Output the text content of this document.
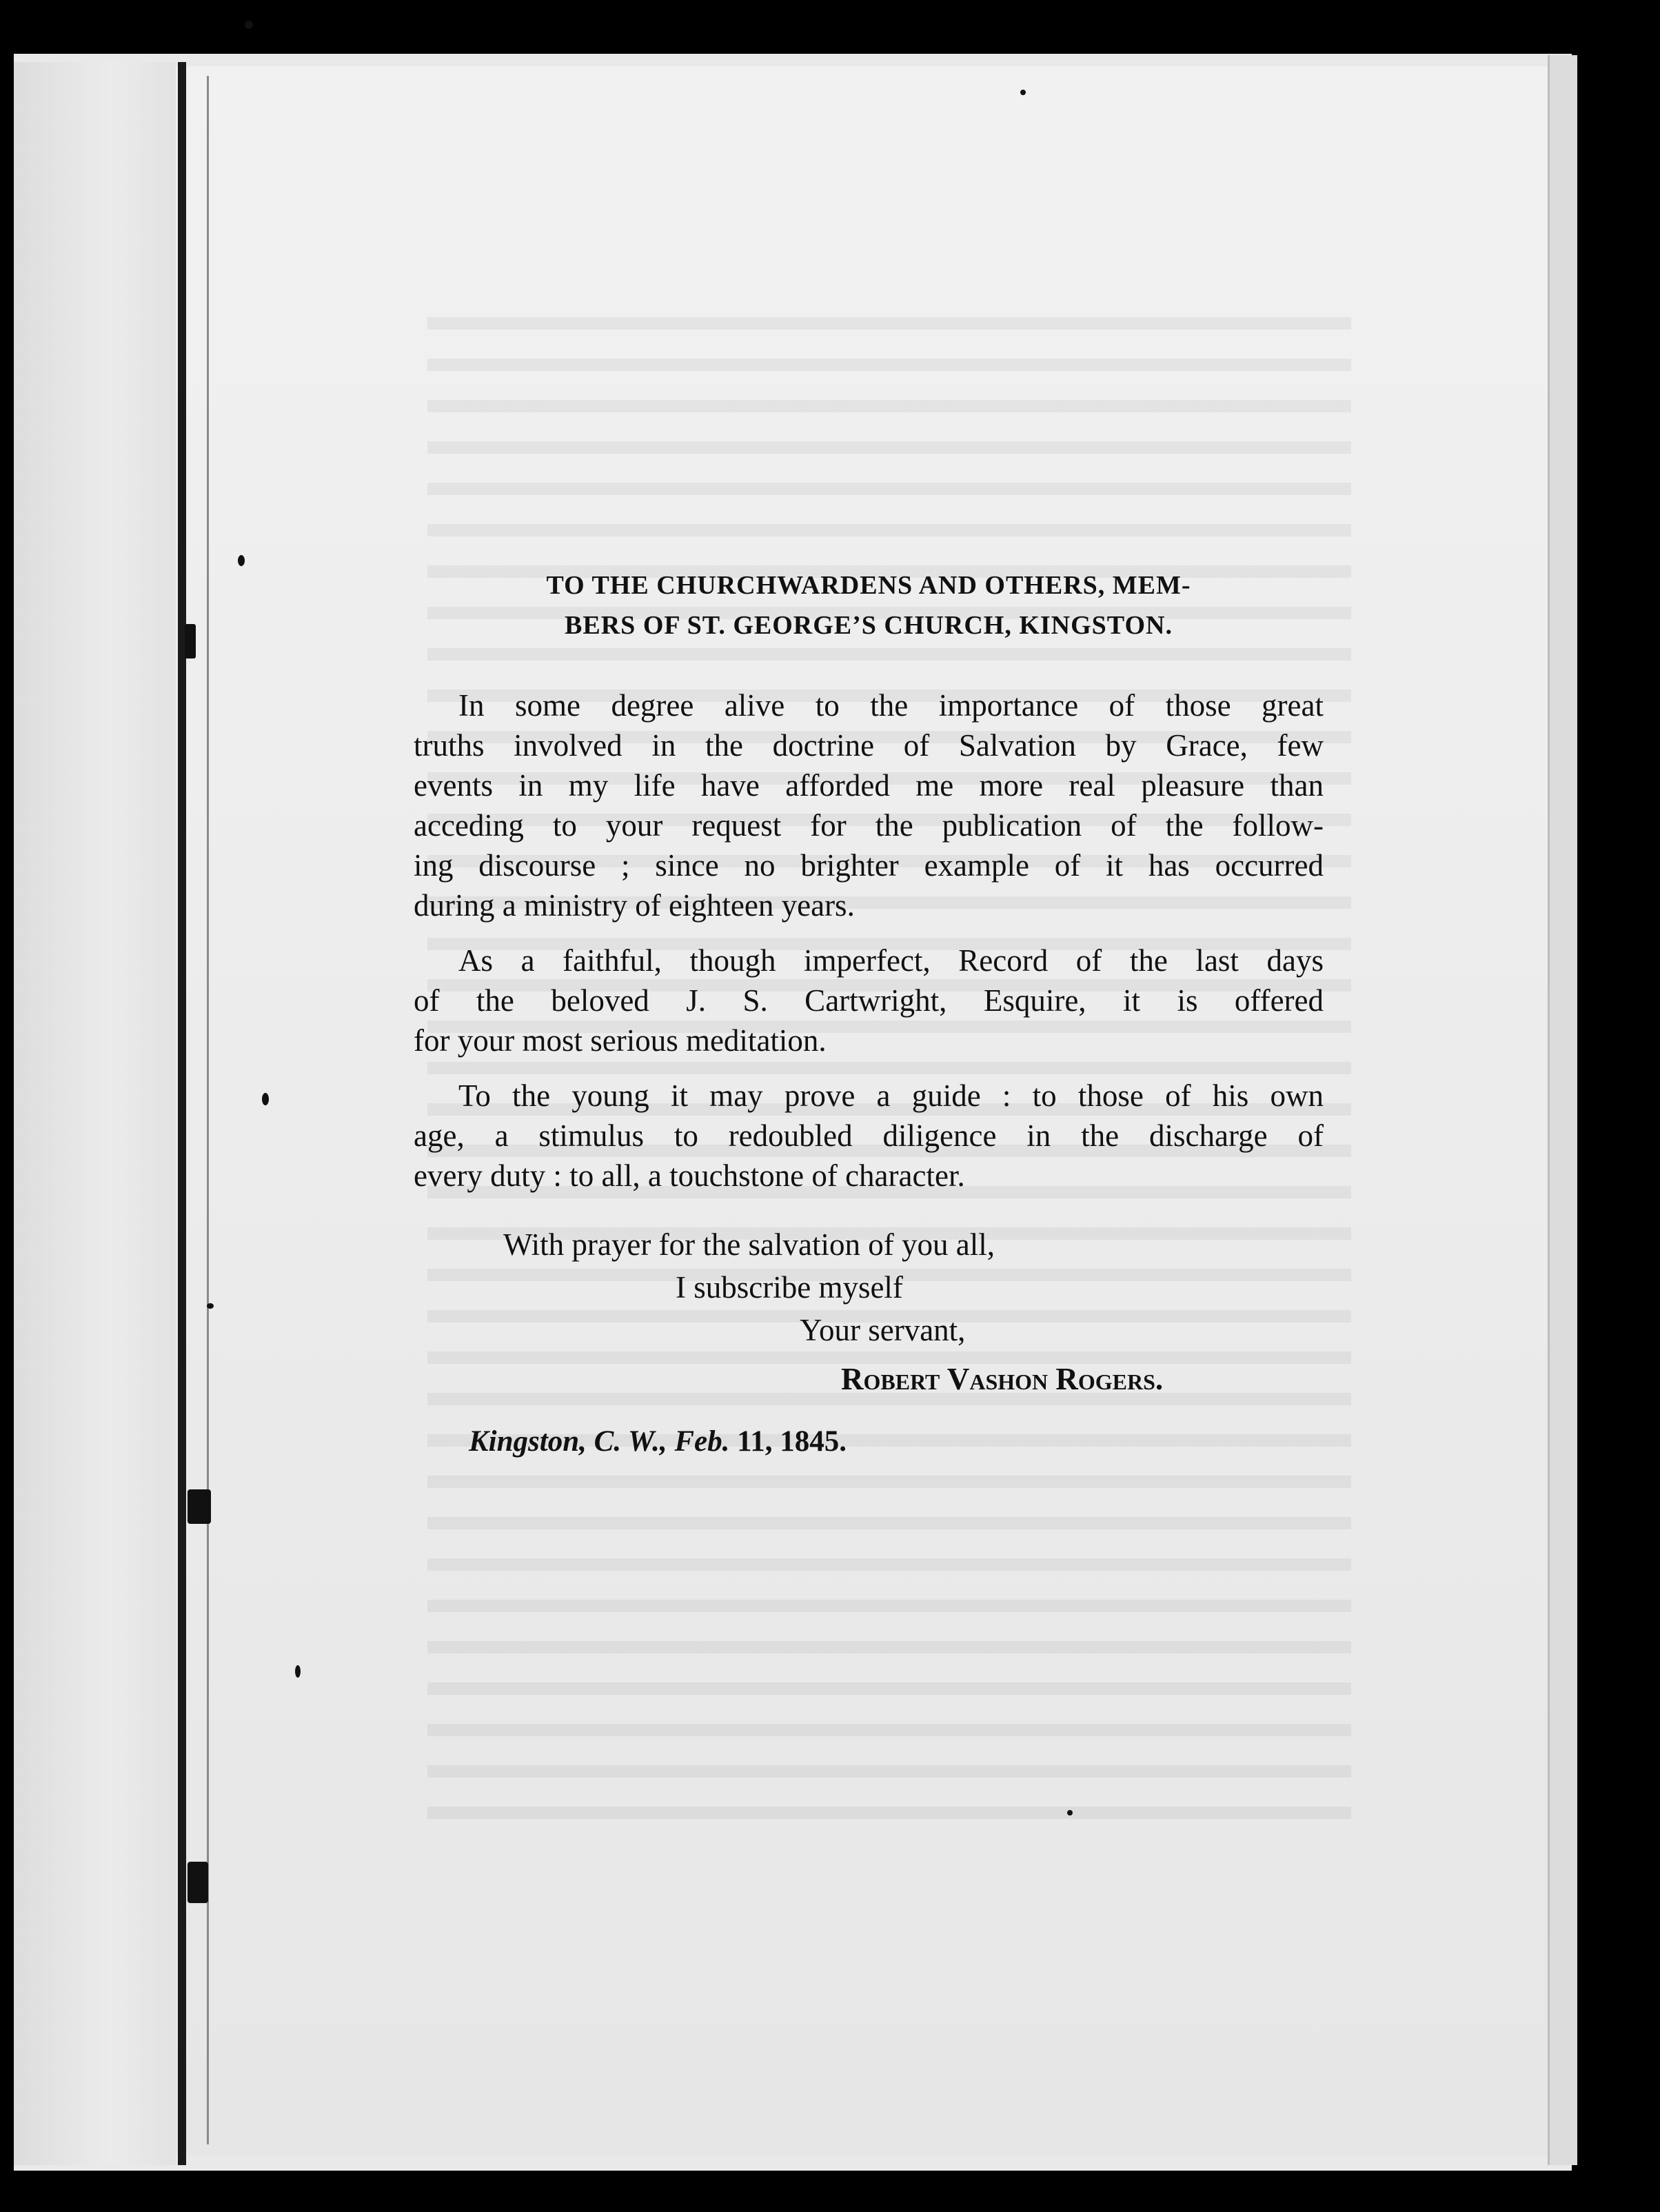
TO THE CHURCHWARDENS AND OTHERS, MEM-
BERS OF ST. GEORGE’S CHURCH, KINGSTON.
In some degree alive to the importance of those great
truths involved in the doctrine of Salvation by Grace, few
events in my life have afforded me more real pleasure than
acceding to your request for the publication of the follow-
ing discourse ; since no brighter example of it has occurred
during a ministry of eighteen years.
As a faithful, though imperfect, Record of the last days
of the beloved J. S. Cartwright, Esquire, it is offered
for your most serious meditation.
To the young it may prove a guide : to those of his own
age, a stimulus to redoubled diligence in the discharge of
every duty : to all, a touchstone of character.
With prayer for the salvation of you all,
I subscribe myself
Your servant,
Robert Vashon Rogers.
Kingston, C. W., Feb. 11, 1845.
